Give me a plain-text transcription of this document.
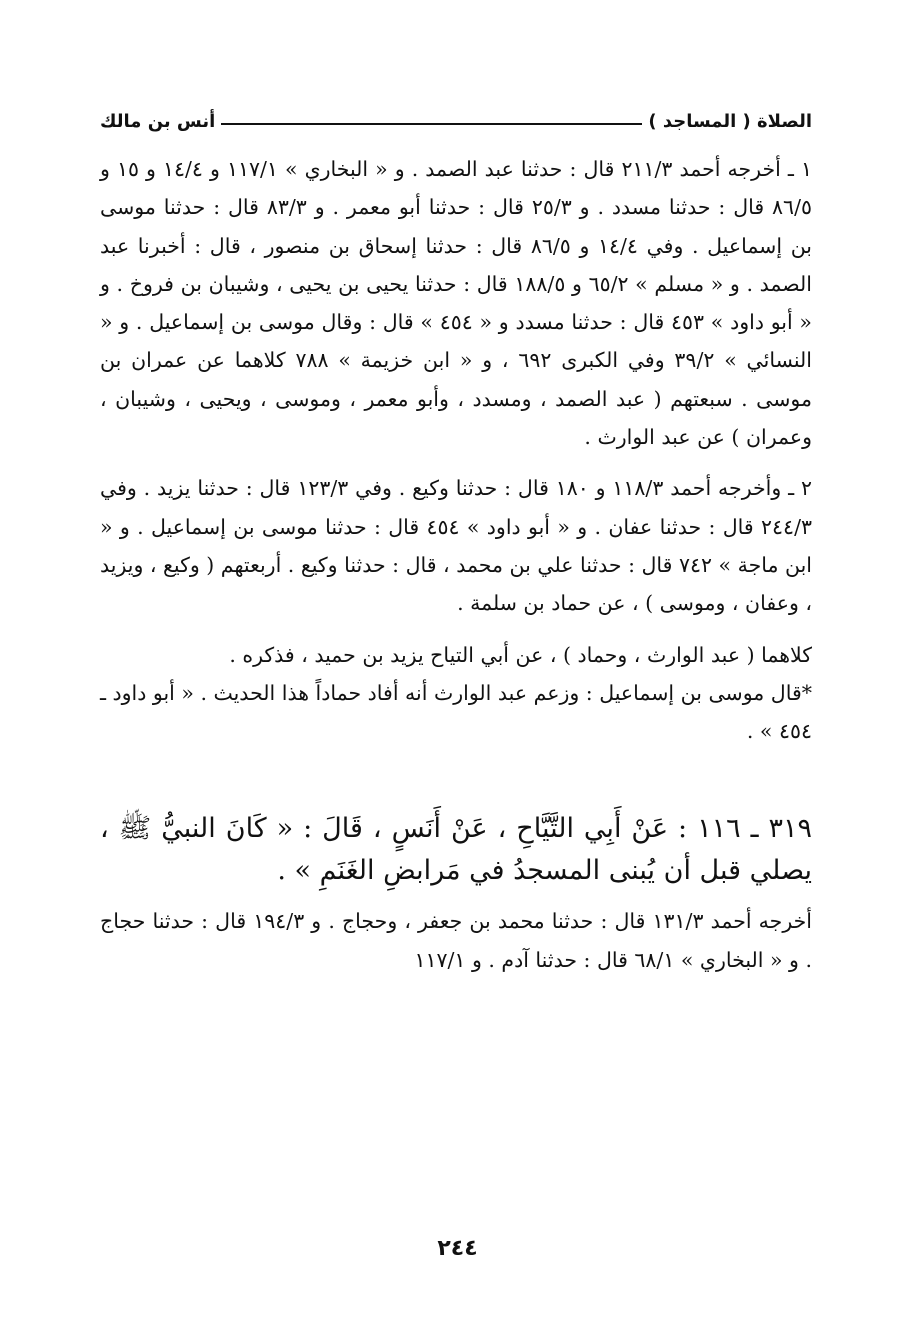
الصلاة ( المساجد )
أنس بن مالك

١ ـ أخرجه أحمد ٢١١/٣ قال : حدثنا عبد الصمد . و « البخاري » ١١٧/١ و ١٤/٤ و ١٥ و ٨٦/٥ قال : حدثنا مسدد . و ٢٥/٣ قال : حدثنا أبو معمر . و ٨٣/٣ قال : حدثنا موسى بن إسماعيل . وفي ١٤/٤ و ٨٦/٥ قال : حدثنا إسحاق بن منصور ، قال : أخبرنا عبد الصمد . و « مسلم » ٦٥/٢ و ١٨٨/٥ قال : حدثنا يحيى بن يحيى ، وشيبان بن فروخ . و « أبو داود » ٤٥٣ قال : حدثنا مسدد و « ٤٥٤ » قال : وقال موسى بن إسماعيل . و « النسائي » ٣٩/٢ وفي الكبرى ٦٩٢ ، و « ابن خزيمة » ٧٨٨ كلاهما عن عمران بن موسى . سبعتهم ( عبد الصمد ، ومسدد ، وأبو معمر ، وموسى ، ويحيى ، وشيبان ، وعمران ) عن عبد الوارث .

٢ ـ وأخرجه أحمد ١١٨/٣ و ١٨٠ قال : حدثنا وكيع . وفي ١٢٣/٣ قال : حدثنا يزيد . وفي ٢٤٤/٣ قال : حدثنا عفان . و « أبو داود » ٤٥٤ قال : حدثنا موسى بن إسماعيل . و « ابن ماجة » ٧٤٢ قال : حدثنا علي بن محمد ، قال : حدثنا وكيع . أربعتهم ( وكيع ، ويزيد ، وعفان ، وموسى ) ، عن حماد بن سلمة .

كلاهما ( عبد الوارث ، وحماد ) ، عن أبي التياح يزيد بن حميد ، فذكره .

*قال موسى بن إسماعيل : وزعم عبد الوارث أنه أفاد حماداً هذا الحديث . « أبو داود ـ ٤٥٤ » .

٣١٩ ـ ١١٦ : عَنْ أَبِي التَّيَّاحِ ، عَنْ أَنَسٍ ، قَالَ : « كَانَ النبيُّ ﷺ ، يصلي قبل أن يُبنى المسجدُ في مَرابضِ الغَنَمِ » .

أخرجه أحمد ١٣١/٣ قال : حدثنا محمد بن جعفر ، وحجاج . و ١٩٤/٣ قال : حدثنا حجاج . و « البخاري » ٦٨/١ قال : حدثنا آدم . و ١١٧/١

٢٤٤
